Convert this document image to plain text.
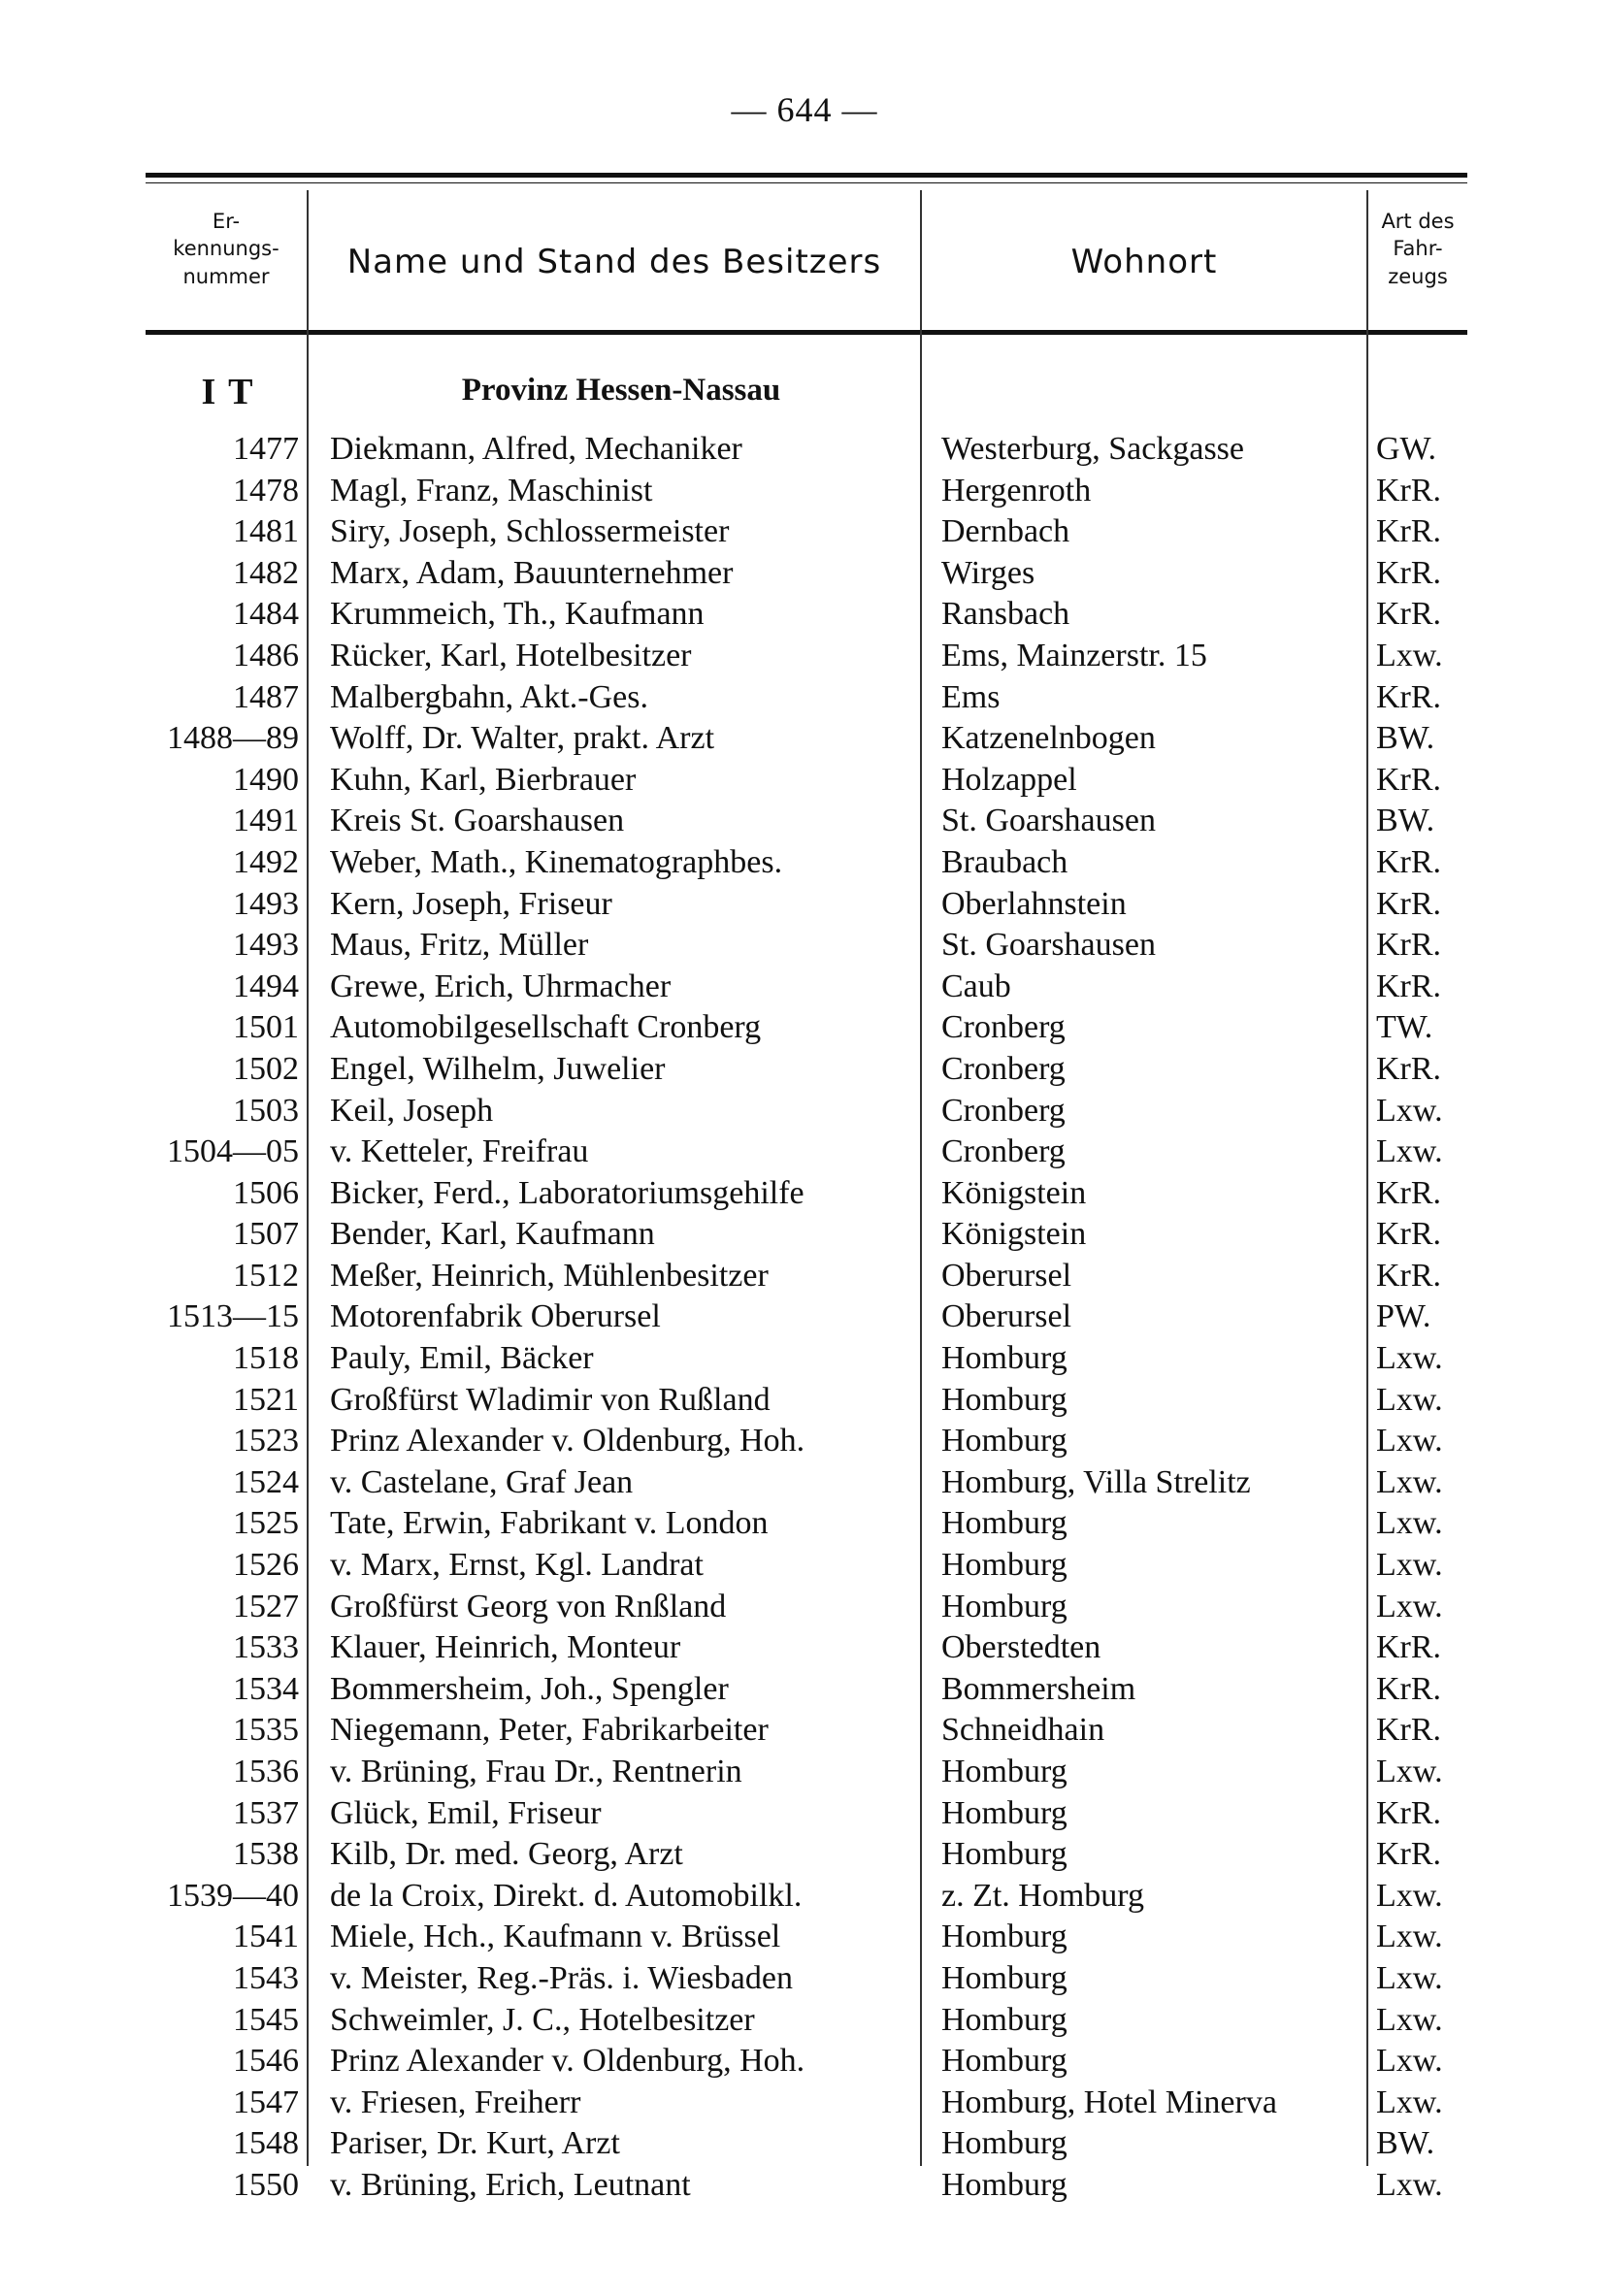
— 644 —
Er-
kennungs-
nummer	Name und Stand des Besitzers	Wohnort
Art des
Fahr-
zeugs
I T	Provinz Hessen-Nassau
1477 Diekmann, Alfred, Mechaniker	Westerburg, Sackgasse	GW.
1478 Magl, Franz, Maschinist	Hergenroth	KrR.
1481 Siry, Joseph, Schlossermeister	Dernbach	KrR.
1482 Marx, Adam, Bauunternehmer	Wirges	KrR.
1484 Krummeich, Th., Kaufmann	Ransbach	KrR.
1486 Rücker, Karl, Hotelbesitzer	Ems, Mainzerstr. 15	Lxw.
1487 Malbergbahn, Akt.-Ges.	Ems	KrR.
1488—89 Wolff, Dr. Walter, prakt. Arzt	Katzenelnbogen	BW.
1490 Kuhn, Karl, Bierbrauer	Holzappel	KrR.
1491 Kreis St. Goarshausen	St. Goarshausen	BW.
1492 Weber, Math., Kinematographbes.	Braubach	KrR.
1493 Kern, Joseph, Friseur	Oberlahnstein	KrR.
1493 Maus, Fritz, Müller	St. Goarshausen	KrR.
1494 Grewe, Erich, Uhrmacher	Caub	KrR.
1501 Automobilgesellschaft Cronberg	Cronberg	TW.
1502 Engel, Wilhelm, Juwelier	Cronberg	KrR.
1503 Keil, Joseph	Cronberg	Lxw.
1504—05 v. Ketteler, Freifrau	Cronberg	Lxw.
1506 Bicker, Ferd., Laboratoriumsgehilfe	Königstein	KrR.
1507 Bender, Karl, Kaufmann	Königstein	KrR.
1512 Meßer, Heinrich, Mühlenbesitzer	Oberursel	KrR.
1513—15 Motorenfabrik Oberursel	Oberursel	PW.
1518 Pauly, Emil, Bäcker	Homburg	Lxw.
1521 Großfürst Wladimir von Rußland	Homburg	Lxw.
1523 Prinz Alexander v. Oldenburg, Hoh.	Homburg	Lxw.
1524 v. Castelane, Graf Jean	Homburg, Villa Strelitz	Lxw.
1525 Tate, Erwin, Fabrikant v. London	Homburg	Lxw.
1526 v. Marx, Ernst, Kgl. Landrat	Homburg	Lxw.
1527 Großfürst Georg von Rnßland	Homburg	Lxw.
1533 Klauer, Heinrich, Monteur	Oberstedten	KrR.
1534 Bommersheim, Joh., Spengler	Bommersheim	KrR.
1535 Niegemann, Peter, Fabrikarbeiter	Schneidhain	KrR.
1536 v. Brüning, Frau Dr., Rentnerin	Homburg	Lxw.
1537 Glück, Emil, Friseur	Homburg	KrR.
1538 Kilb, Dr. med. Georg, Arzt	Homburg	KrR.
1539—40 de la Croix, Direkt. d. Automobilkl.	z. Zt. Homburg	Lxw.
1541 Miele, Hch., Kaufmann v. Brüssel	Homburg	Lxw.
1543 v. Meister, Reg.-Präs. i. Wiesbaden	Homburg	Lxw.
1545 Schweimler, J. C., Hotelbesitzer	Homburg	Lxw.
1546 Prinz Alexander v. Oldenburg, Hoh.	Homburg	Lxw.
1547 v. Friesen, Freiherr	Homburg, Hotel Minerva	Lxw.
1548 Pariser, Dr. Kurt, Arzt	Homburg	BW.
1550 v. Brüning, Erich, Leutnant	Homburg	Lxw.
